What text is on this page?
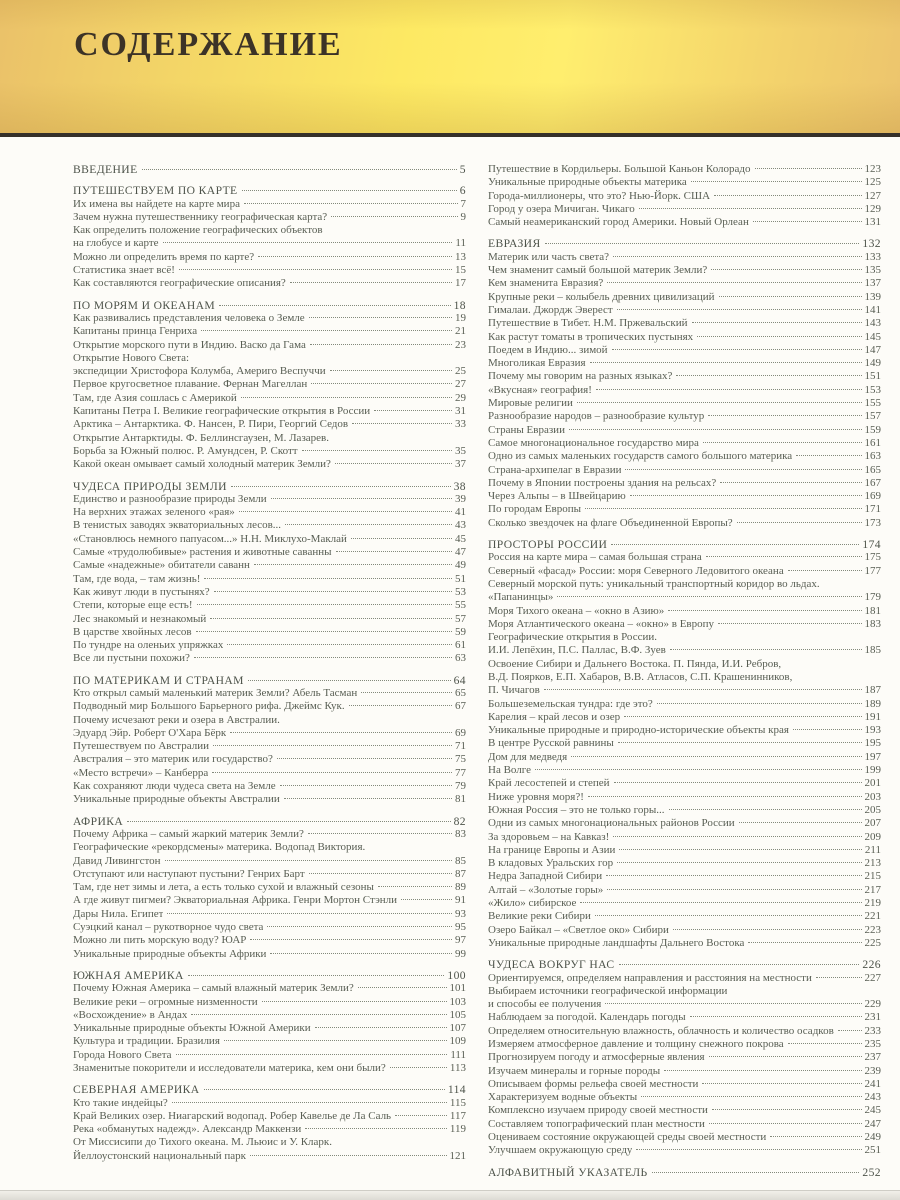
СОДЕРЖАНИЕ
ВВЕДЕНИЕ	5
ПУТЕШЕСТВУЕМ ПО КАРТЕ	6
Их имена вы найдете на карте мира	7
Зачем нужна путешественнику географическая карта?	9
Как определить положение географических объектов
на глобусе и карте	11
Можно ли определить время по карте?	13
Статистика знает всё!	15
Как составляются географические описания?	17
ПО МОРЯМ И ОКЕАНАМ	18
Как развивались представления человека о Земле	19
Капитаны принца Генриха	21
Открытие морского пути в Индию. Васко да Гама	23
Открытие Нового Света:
экспедиции Христофора Колумба, Америго Веспуччи	25
Первое кругосветное плавание. Фернан Магеллан	27
Там, где Азия сошлась с Америкой	29
Капитаны Петра I. Великие географические открытия в России	31
Арктика – Антарктика. Ф. Нансен, Р. Пири, Георгий Седов	33
Открытие Антарктиды. Ф. Беллинсгаузен, М. Лазарев.
Борьба за Южный полюс. Р. Амундсен, Р. Скотт	35
Какой океан омывает самый холодный материк Земли?	37
ЧУДЕСА ПРИРОДЫ ЗЕМЛИ	38
Единство и разнообразие природы Земли	39
На верхних этажах зеленого «рая»	41
В тенистых заводях экваториальных лесов...	43
«Становлюсь немного папуасом...» Н.Н. Миклухо-Маклай	45
Самые «трудолюбивые» растения и животные саванны	47
Самые «надежные» обитатели саванн	49
Там, где вода, – там жизнь!	51
Как живут люди в пустынях?	53
Степи, которые еще есть!	55
Лес знакомый и незнакомый	57
В царстве хвойных лесов	59
По тундре на оленьих упряжках	61
Все ли пустыни похожи?	63
ПО МАТЕРИКАМ И СТРАНАМ	64
Кто открыл самый маленький материк Земли? Абель Тасман	65
Подводный мир Большого Барьерного рифа. Джеймс Кук.	67
Почему исчезают реки и озера в Австралии.
Эдуард Эйр. Роберт О'Хара Бёрк	69
Путешествуем по Австралии	71
Австралия – это материк или государство?	75
«Место встречи» – Канберра	77
Как сохраняют люди чудеса света на Земле	79
Уникальные природные объекты Австралии	81
АФРИКА	82
Почему Африка – самый жаркий материк Земли?	83
Географические «рекордсмены» материка. Водопад Виктория.
Давид Ливингстон	85
Отступают или наступают пустыни? Генрих Барт	87
Там, где нет зимы и лета, а есть только сухой и влажный сезоны	89
А где живут пигмеи? Экваториальная Африка. Генри Мортон Стэнли	91
Дары Нила. Египет	93
Суэцкий канал – рукотворное чудо света	95
Можно ли пить морскую воду? ЮАР	97
Уникальные природные объекты Африки	99
ЮЖНАЯ АМЕРИКА	100
Почему Южная Америка – самый влажный материк Земли?	101
Великие реки – огромные низменности	103
«Восхождение» в Андах	105
Уникальные природные объекты Южной Америки	107
Культура и традиции. Бразилия	109
Города Нового Света	111
Знаменитые покорители и исследователи материка, кем они были?	113
СЕВЕРНАЯ АМЕРИКА	114
Кто такие индейцы?	115
Край Великих озер. Ниагарский водопад. Робер Кавелье де Ла Саль	117
Река «обманутых надежд». Александр Маккензи	119
От Миссисипи до Тихого океана. М. Льюис и У. Кларк.
Йеллоустонский национальный парк	121
Путешествие в Кордильеры. Большой Каньон Колорадо	123
Уникальные природные объекты материка	125
Города-миллионеры, что это? Нью-Йорк. США	127
Город у озера Мичиган. Чикаго	129
Самый неамериканский город Америки. Новый Орлеан	131
ЕВРАЗИЯ	132
Материк или часть света?	133
Чем знаменит самый большой материк Земли?	135
Кем знаменита Евразия?	137
Крупные реки – колыбель древних цивилизаций	139
Гималаи. Джордж Эверест	141
Путешествие в Тибет. Н.М. Пржевальский	143
Как растут томаты в тропических пустынях	145
Поедем в Индию... зимой	147
Многоликая Евразия	149
Почему мы говорим на разных языках?	151
«Вкусная» география!	153
Мировые религии	155
Разнообразие народов – разнообразие культур	157
Страны Евразии	159
Самое многонациональное государство мира	161
Одно из самых маленьких государств самого большого материка	163
Страна-архипелаг в Евразии	165
Почему в Японии построены здания на рельсах?	167
Через Альпы – в Швейцарию	169
По городам Европы	171
Сколько звездочек на флаге Объединенной Европы?	173
ПРОСТОРЫ РОССИИ	174
Россия на карте мира – самая большая страна	175
Северный «фасад» России: моря Северного Ледовитого океана	177
Северный морской путь: уникальный транспортный коридор во льдах.
«Папанинцы»	179
Моря Тихого океана – «окно в Азию»	181
Моря Атлантического океана – «окно» в Европу	183
Географические открытия в России.
И.И. Лепёхин, П.С. Паллас, В.Ф. Зуев	185
Освоение Сибири и Дальнего Востока. П. Пянда, И.И. Ребров,
В.Д. Поярков, Е.П. Хабаров, В.В. Атласов, С.П. Крашенинников,
П. Чичагов	187
Большеземельская тундра: где это?	189
Карелия – край лесов и озер	191
Уникальные природные и природно-исторические объекты края	193
В центре Русской равнины	195
Дом для медведя	197
На Волге	199
Край лесостепей и степей	201
Ниже уровня моря?!	203
Южная Россия – это не только горы...	205
Одни из самых многонациональных районов России	207
За здоровьем – на Кавказ!	209
На границе Европы и Азии	211
В кладовых Уральских гор	213
Недра Западной Сибири	215
Алтай – «Золотые горы»	217
«Жило» сибирское	219
Великие реки Сибири	221
Озеро Байкал – «Светлое око» Сибири	223
Уникальные природные ландшафты Дальнего Востока	225
ЧУДЕСА ВОКРУГ НАС	226
Ориентируемся, определяем направления и расстояния на местности	227
Выбираем источники географической информации
и способы ее получения	229
Наблюдаем за погодой. Календарь погоды	231
Определяем относительную влажность, облачность и количество осадков	233
Измеряем атмосферное давление и толщину снежного покрова	235
Прогнозируем погоду и атмосферные явления	237
Изучаем минералы и горные породы	239
Описываем формы рельефа своей местности	241
Характеризуем водные объекты	243
Комплексно изучаем природу своей местности	245
Составляем топографический план местности	247
Оцениваем состояние окружающей среды своей местности	249
Улучшаем окружающую среду	251
АЛФАВИТНЫЙ УКАЗАТЕЛЬ	252
